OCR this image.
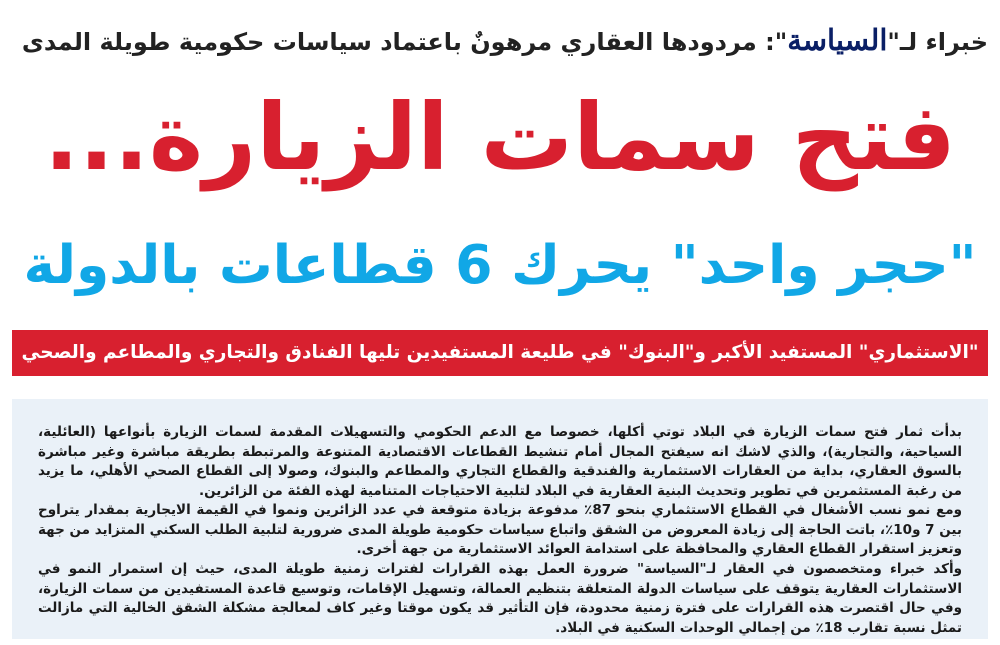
خبراء لـ"السياسة": مردودها العقاري مرهونٌ باعتماد سياسات حكومية طويلة المدى
فتح سمات الزيارة...
"حجر واحد" يحرك 6 قطاعات بالدولة
"الاستثماري" المستفيد الأكبر و"البنوك" في طليعة المستفيدين تليها الفنادق والتجاري والمطاعم والصحي

بدأت ثمار فتح سمات الزيارة في البلاد توتي أكلها، خصوصا مع الدعم الحكومي والتسهيلات المقدمة لسمات الزيارة بأنواعها (العائلية، السياحية، والتجارية)، والذي لاشك انه سيفتح المجال أمام تنشيط القطاعات الاقتصادية المتنوعة والمرتبطة بطريقة مباشرة وغير مباشرة بالسوق العقاري، بداية من العقارات الاستثمارية والفندقية والقطاع التجاري والمطاعم والبنوك، وصولا إلى القطاع الصحي الأهلي، ما يزيد من رغبة المستثمرين في تطوير وتحديث البنية العقارية في البلاد لتلبية الاحتياجات المتنامية لهذه الفئة من الزائرين.

ومع نمو نسب الأشغال في القطاع الاستثماري بنحو 87٪ مدفوعة بزيادة متوقعة في عدد الزائرين ونموا في القيمة الايجارية بمقدار يتراوح بين 7 و10٪، باتت الحاجة إلى زيادة المعروض من الشقق واتباع سياسات حكومية طويلة المدى ضرورية لتلبية الطلب السكني المتزايد من جهة وتعزيز استقرار القطاع العقاري والمحافظة على استدامة العوائد الاستثمارية من جهة أخرى.

وأكد خبراء ومتخصصون في العقار لـ"السياسة" ضرورة العمل بهذه القرارات لفترات زمنية طويلة المدى، حيث إن استمرار النمو في الاستثمارات العقارية يتوقف على سياسات الدولة المتعلقة بتنظيم العمالة، وتسهيل الإقامات، وتوسيع قاعدة المستفيدين من سمات الزيارة، وفي حال اقتصرت هذه القرارات على فترة زمنية محدودة، فإن التأثير قد يكون موقتا وغير كاف لمعالجة مشكلة الشقق الخالية التي مازالت تمثل نسبة تقارب 18٪ من إجمالي الوحدات السكنية في البلاد.
